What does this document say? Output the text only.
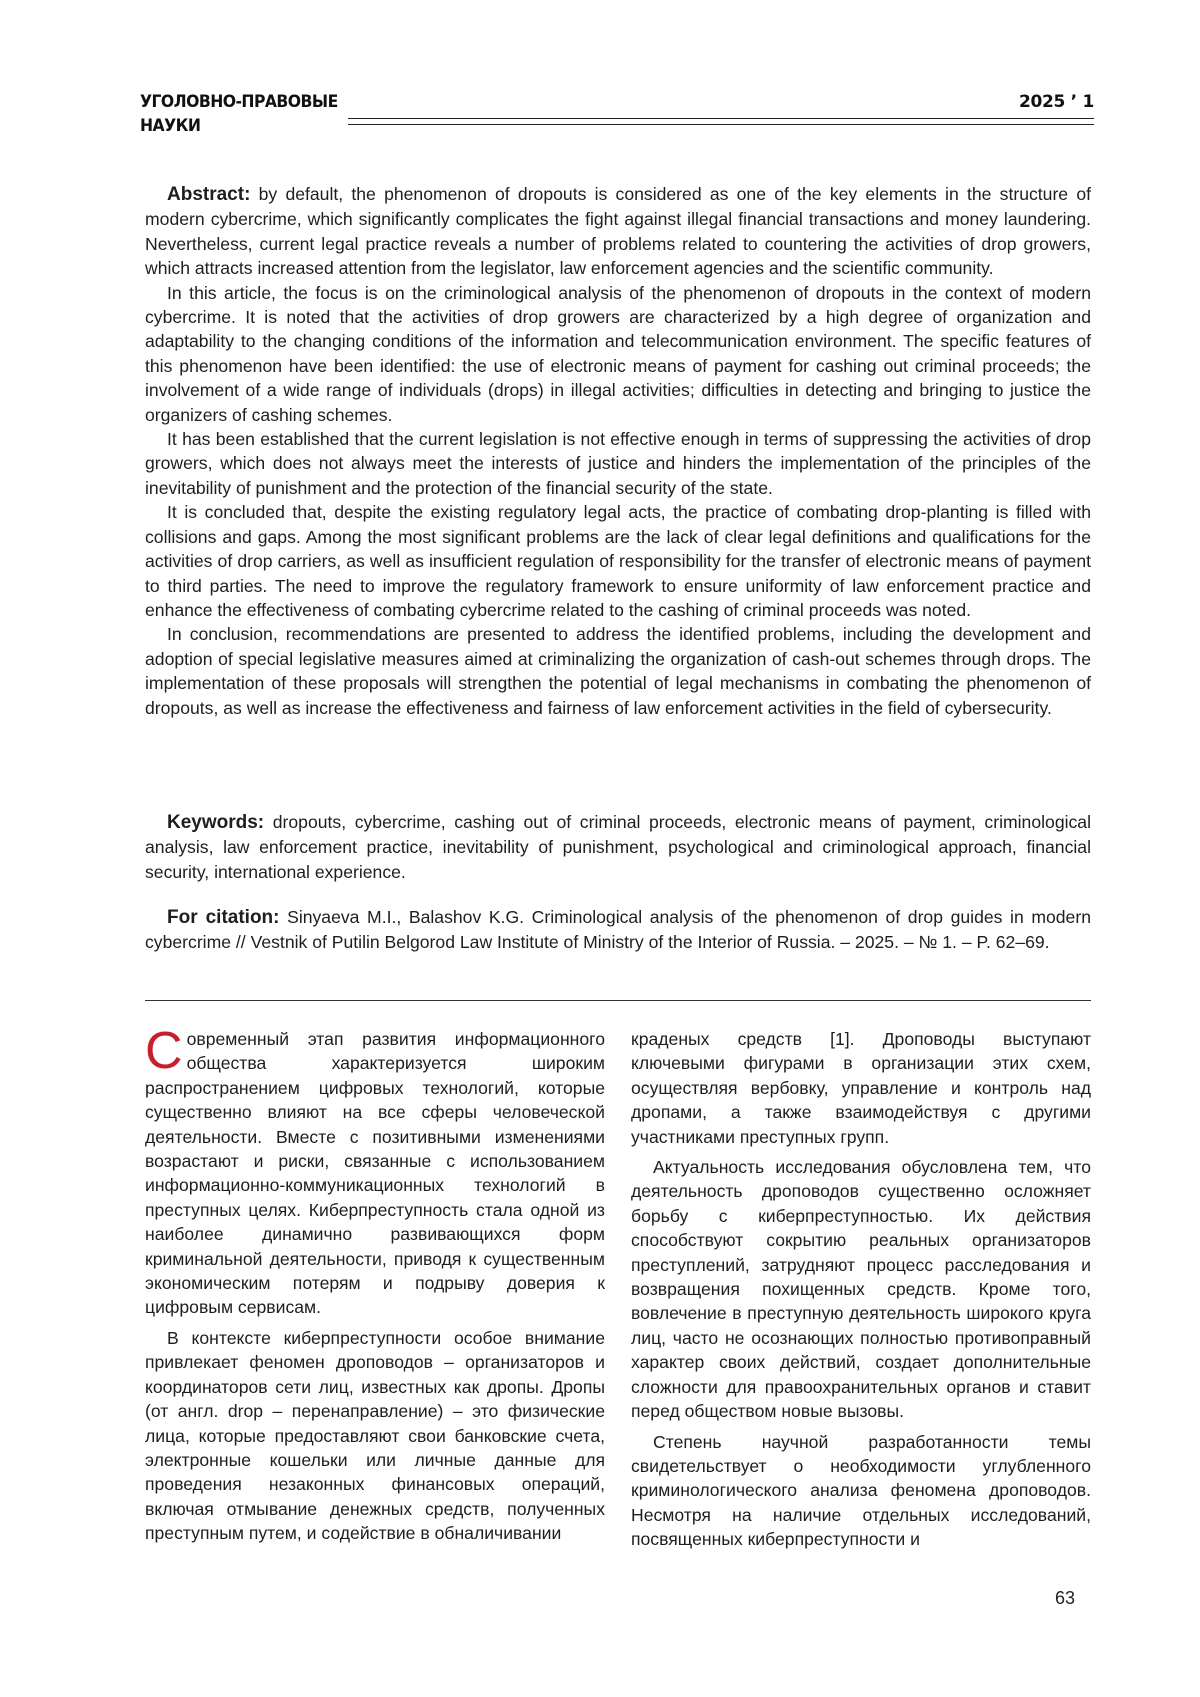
УГОЛОВНО-ПРАВОВЫЕ
НАУКИ
2025 ’ 1

Abstract: by default, the phenomenon of dropouts is considered as one of the key elements in the structure of modern cybercrime, which significantly complicates the fight against illegal financial transactions and money laundering. Nevertheless, current legal practice reveals a number of problems related to countering the activities of drop growers, which attracts increased attention from the legislator, law enforcement agencies and the scientific community.

In this article, the focus is on the criminological analysis of the phenomenon of dropouts in the context of modern cybercrime. It is noted that the activities of drop growers are characterized by a high degree of organization and adaptability to the changing conditions of the information and telecommunication environment. The specific features of this phenomenon have been identified: the use of electronic means of payment for cashing out criminal proceeds; the involvement of a wide range of individuals (drops) in illegal activities; difficulties in detecting and bringing to justice the organizers of cashing schemes.

It has been established that the current legislation is not effective enough in terms of suppressing the activities of drop growers, which does not always meet the interests of justice and hinders the implementation of the principles of the inevitability of punishment and the protection of the financial security of the state.

It is concluded that, despite the existing regulatory legal acts, the practice of combating drop-planting is filled with collisions and gaps. Among the most significant problems are the lack of clear legal definitions and qualifications for the activities of drop carriers, as well as insufficient regulation of responsibility for the transfer of electronic means of payment to third parties. The need to improve the regulatory framework to ensure uniformity of law enforcement practice and enhance the effectiveness of combating cybercrime related to the cashing of criminal proceeds was noted.

In conclusion, recommendations are presented to address the identified problems, including the development and adoption of special legislative measures aimed at criminalizing the organization of cash-out schemes through drops. The implementation of these proposals will strengthen the potential of legal mechanisms in combating the phenomenon of dropouts, as well as increase the effectiveness and fairness of law enforcement activities in the field of cybersecurity.

Keywords: dropouts, cybercrime, cashing out of criminal proceeds, electronic means of payment, criminological analysis, law enforcement practice, inevitability of punishment, psychological and criminological approach, financial security, international experience.

For citation: Sinyaeva M.I., Balashov K.G. Criminological analysis of the phenomenon of drop guides in modern cybercrime // Vestnik of Putilin Belgorod Law Institute of Ministry of the Interior of Russia. – 2025. – № 1. – P. 62–69.

Современный этап развития информационного общества характеризуется широким распространением цифровых технологий, которые существенно влияют на все сферы человеческой деятельности. Вместе с позитивными изменениями возрастают и риски, связанные с использованием информационно-коммуникационных технологий в преступных целях. Киберпреступность стала одной из наиболее динамично развивающихся форм криминальной деятельности, приводя к существенным экономическим потерям и подрыву доверия к цифровым сервисам.

В контексте киберпреступности особое внимание привлекает феномен дроповодов – организаторов и координаторов сети лиц, известных как дропы. Дропы (от англ. drop – перенаправление) – это физические лица, которые предоставляют свои банковские счета, электронные кошельки или личные данные для проведения незаконных финансовых операций, включая отмывание денежных средств, полученных преступным путем, и содействие в обналичивании

краденых средств [1]. Дроповоды выступают ключевыми фигурами в организации этих схем, осуществляя вербовку, управление и контроль над дропами, а также взаимодействуя с другими участниками преступных групп.

Актуальность исследования обусловлена тем, что деятельность дроповодов существенно осложняет борьбу с киберпреступностью. Их действия способствуют сокрытию реальных организаторов преступлений, затрудняют процесс расследования и возвращения похищенных средств. Кроме того, вовлечение в преступную деятельность широкого круга лиц, часто не осознающих полностью противоправный характер своих действий, создает дополнительные сложности для правоохранительных органов и ставит перед обществом новые вызовы.

Степень научной разработанности темы свидетельствует о необходимости углубленного криминологического анализа феномена дроповодов. Несмотря на наличие отдельных исследований, посвященных киберпреступности и

63
